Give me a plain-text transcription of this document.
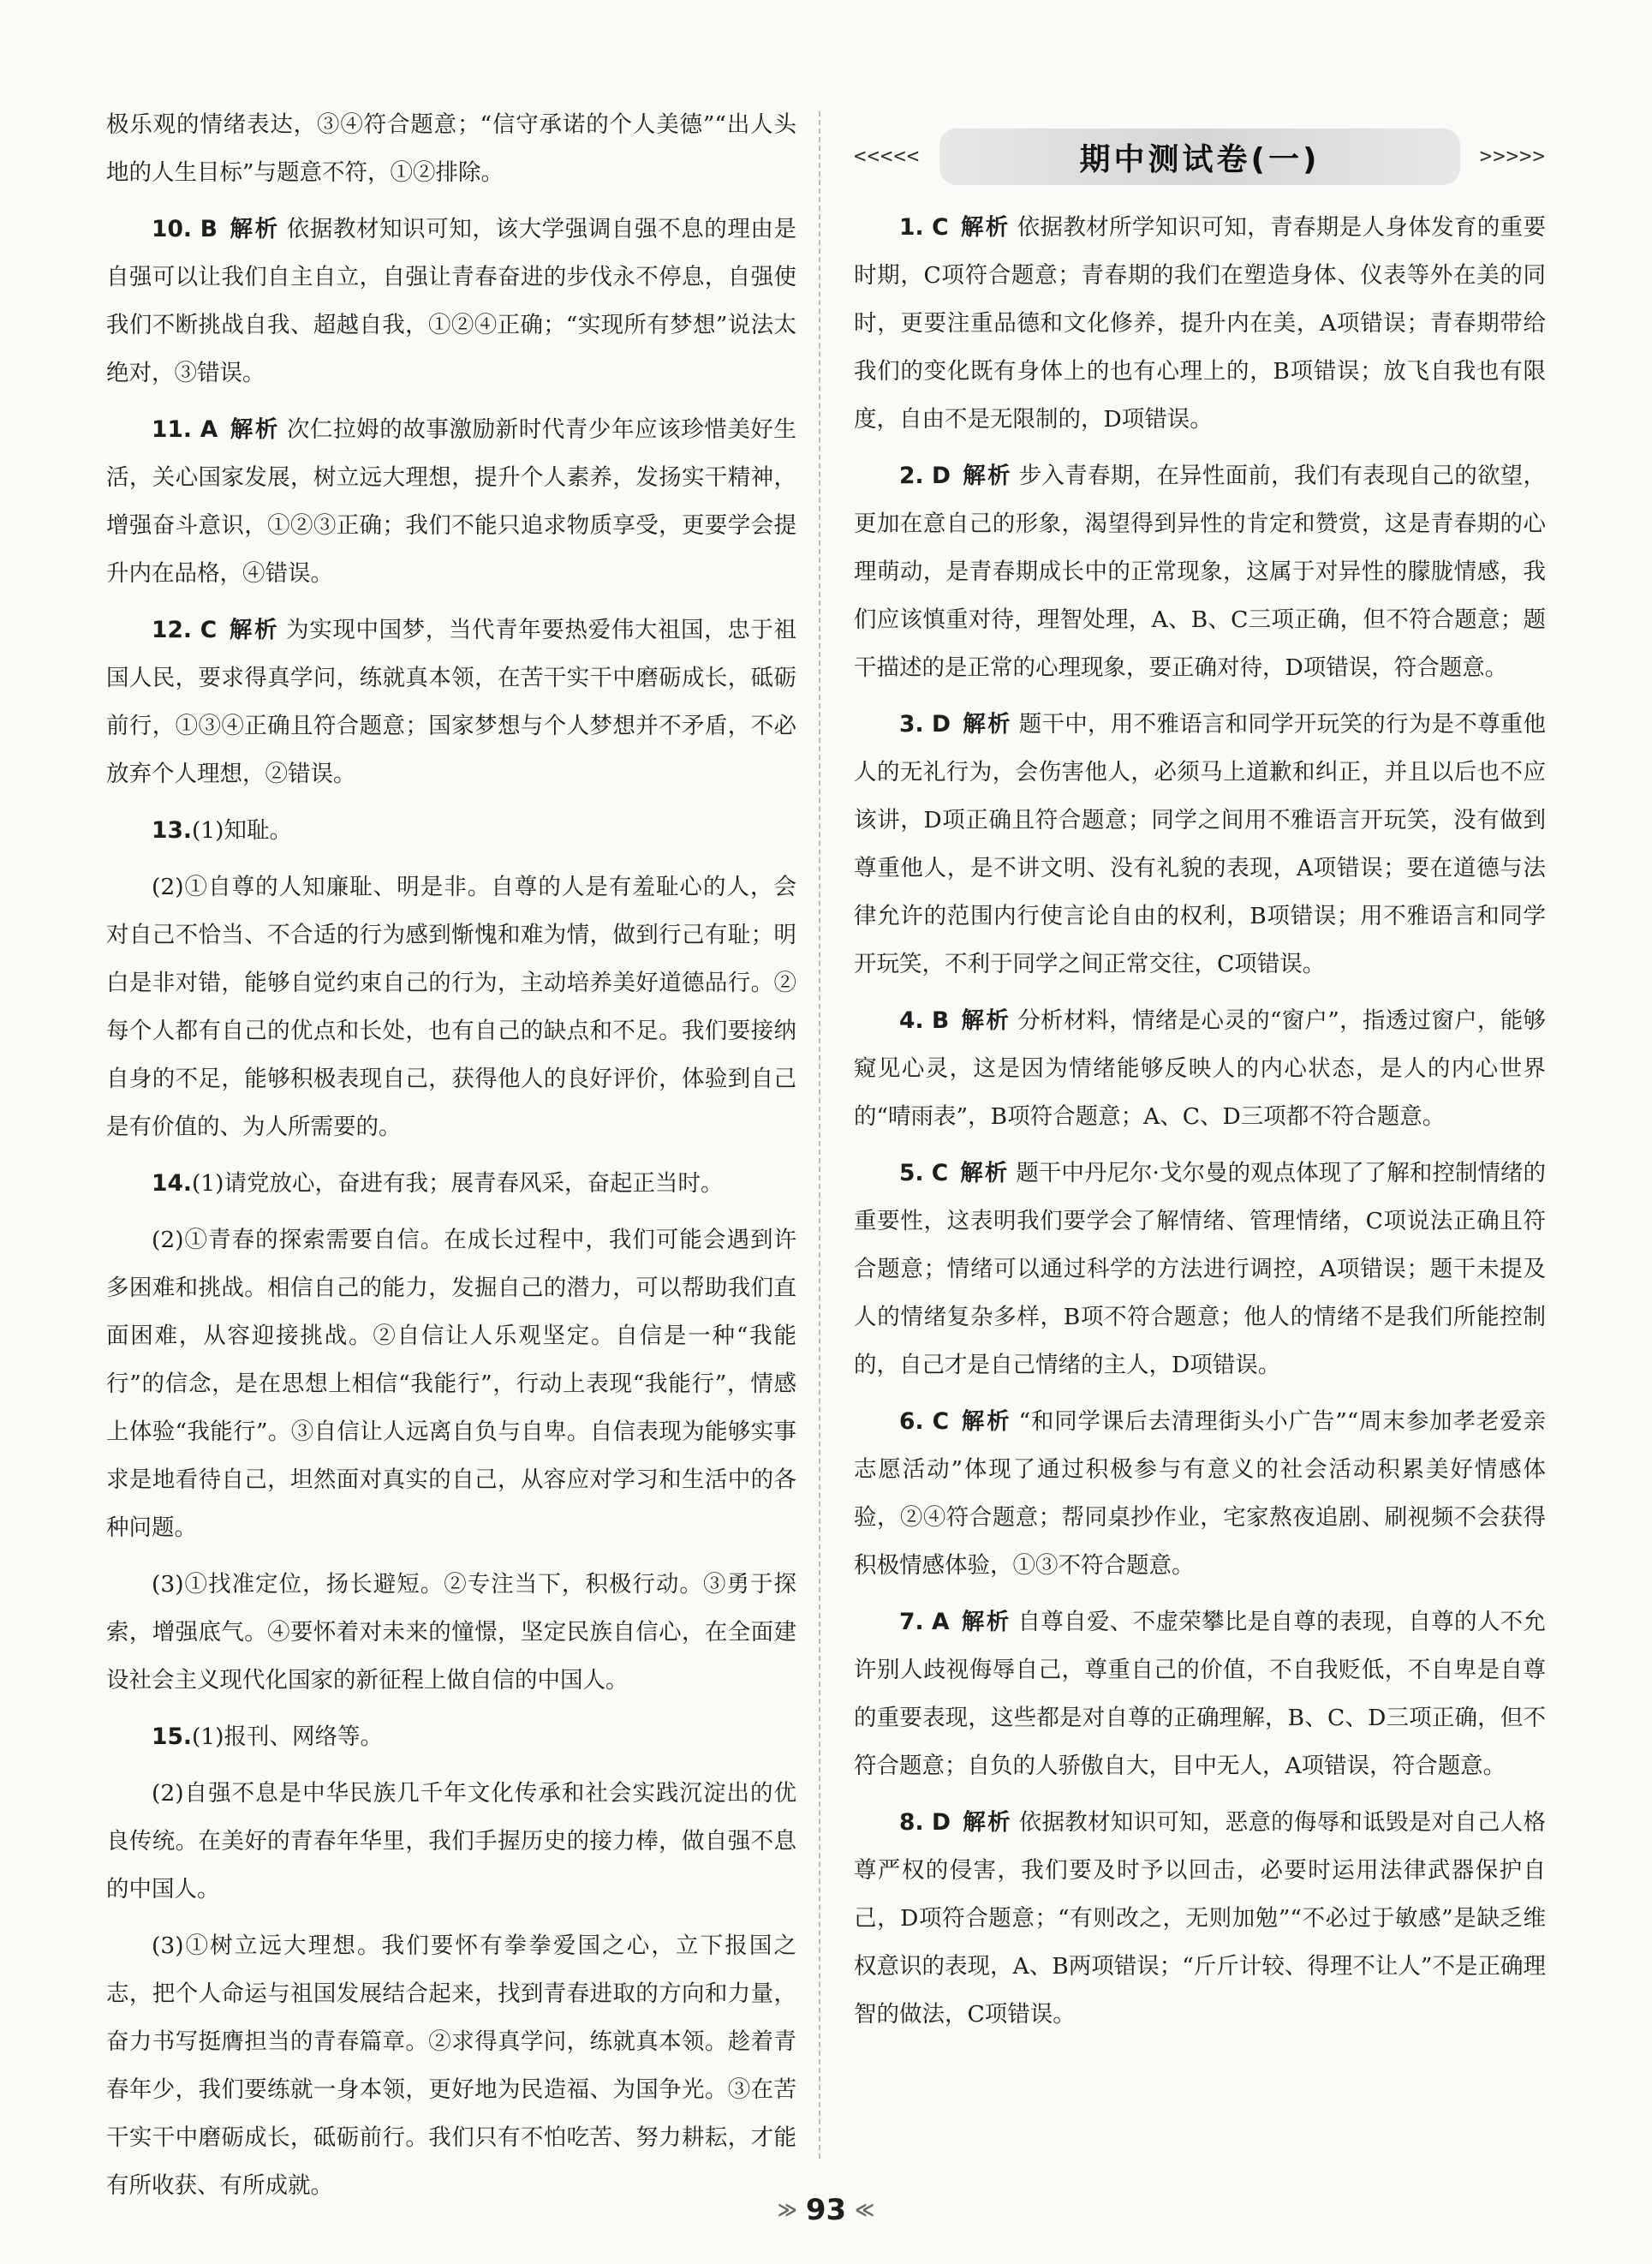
极乐观的情绪表达，③④符合题意；“信守承诺的个人美德”“出人头地的人生目标”与题意不符，①②排除。

10. B 解析 依据教材知识可知，该大学强调自强不息的理由是自强可以让我们自主自立，自强让青春奋进的步伐永不停息，自强使我们不断挑战自我、超越自我，①②④正确；“实现所有梦想”说法太绝对，③错误。

11. A 解析 次仁拉姆的故事激励新时代青少年应该珍惜美好生活，关心国家发展，树立远大理想，提升个人素养，发扬实干精神，增强奋斗意识，①②③正确；我们不能只追求物质享受，更要学会提升内在品格，④错误。

12. C 解析 为实现中国梦，当代青年要热爱伟大祖国，忠于祖国人民，要求得真学问，练就真本领，在苦干实干中磨砺成长，砥砺前行，①③④正确且符合题意；国家梦想与个人梦想并不矛盾，不必放弃个人理想，②错误。

13.(1)知耻。

(2)①自尊的人知廉耻、明是非。自尊的人是有羞耻心的人，会对自己不恰当、不合适的行为感到惭愧和难为情，做到行己有耻；明白是非对错，能够自觉约束自己的行为，主动培养美好道德品行。②每个人都有自己的优点和长处，也有自己的缺点和不足。我们要接纳自身的不足，能够积极表现自己，获得他人的良好评价，体验到自己是有价值的、为人所需要的。

14.(1)请党放心，奋进有我；展青春风采，奋起正当时。

(2)①青春的探索需要自信。在成长过程中，我们可能会遇到许多困难和挑战。相信自己的能力，发掘自己的潜力，可以帮助我们直面困难，从容迎接挑战。②自信让人乐观坚定。自信是一种“我能行”的信念，是在思想上相信“我能行”，行动上表现“我能行”，情感上体验“我能行”。③自信让人远离自负与自卑。自信表现为能够实事求是地看待自己，坦然面对真实的自己，从容应对学习和生活中的各种问题。

(3)①找准定位，扬长避短。②专注当下，积极行动。③勇于探索，增强底气。④要怀着对未来的憧憬，坚定民族自信心，在全面建设社会主义现代化国家的新征程上做自信的中国人。

15.(1)报刊、网络等。

(2)自强不息是中华民族几千年文化传承和社会实践沉淀出的优良传统。在美好的青春年华里，我们手握历史的接力棒，做自强不息的中国人。

(3)①树立远大理想。我们要怀有拳拳爱国之心，立下报国之志，把个人命运与祖国发展结合起来，找到青春进取的方向和力量，奋力书写挺膺担当的青春篇章。②求得真学问，练就真本领。趁着青春年少，我们要练就一身本领，更好地为民造福、为国争光。③在苦干实干中磨砺成长，砥砺前行。我们只有不怕吃苦、努力耕耘，才能有所收获、有所成就。

<<<<<	期中测试卷(一)	>>>>>

1. C 解析 依据教材所学知识可知，青春期是人身体发育的重要时期，C项符合题意；青春期的我们在塑造身体、仪表等外在美的同时，更要注重品德和文化修养，提升内在美，A项错误；青春期带给我们的变化既有身体上的也有心理上的，B项错误；放飞自我也有限度，自由不是无限制的，D项错误。

2. D 解析 步入青春期，在异性面前，我们有表现自己的欲望，更加在意自己的形象，渴望得到异性的肯定和赞赏，这是青春期的心理萌动，是青春期成长中的正常现象，这属于对异性的朦胧情感，我们应该慎重对待，理智处理，A、B、C三项正确，但不符合题意；题干描述的是正常的心理现象，要正确对待，D项错误，符合题意。

3. D 解析 题干中，用不雅语言和同学开玩笑的行为是不尊重他人的无礼行为，会伤害他人，必须马上道歉和纠正，并且以后也不应该讲，D项正确且符合题意；同学之间用不雅语言开玩笑，没有做到尊重他人，是不讲文明、没有礼貌的表现，A项错误；要在道德与法律允许的范围内行使言论自由的权利，B项错误；用不雅语言和同学开玩笑，不利于同学之间正常交往，C项错误。

4. B 解析 分析材料，情绪是心灵的“窗户”，指透过窗户，能够窥见心灵，这是因为情绪能够反映人的内心状态，是人的内心世界的“晴雨表”，B项符合题意；A、C、D三项都不符合题意。

5. C 解析 题干中丹尼尔·戈尔曼的观点体现了了解和控制情绪的重要性，这表明我们要学会了解情绪、管理情绪，C项说法正确且符合题意；情绪可以通过科学的方法进行调控，A项错误；题干未提及人的情绪复杂多样，B项不符合题意；他人的情绪不是我们所能控制的，自己才是自己情绪的主人，D项错误。

6. C 解析 “和同学课后去清理街头小广告”“周末参加孝老爱亲志愿活动”体现了通过积极参与有意义的社会活动积累美好情感体验，②④符合题意；帮同桌抄作业，宅家熬夜追剧、刷视频不会获得积极情感体验，①③不符合题意。

7. A 解析 自尊自爱、不虚荣攀比是自尊的表现，自尊的人不允许别人歧视侮辱自己，尊重自己的价值，不自我贬低，不自卑是自尊的重要表现，这些都是对自尊的正确理解，B、C、D三项正确，但不符合题意；自负的人骄傲自大，目中无人，A项错误，符合题意。

8. D 解析 依据教材知识可知，恶意的侮辱和诋毁是对自己人格尊严权的侵害，我们要及时予以回击，必要时运用法律武器保护自己，D项符合题意；“有则改之，无则加勉”“不必过于敏感”是缺乏维权意识的表现，A、B两项错误；“斤斤计较、得理不让人”不是正确理智的做法，C项错误。

≫ 93 ≪
